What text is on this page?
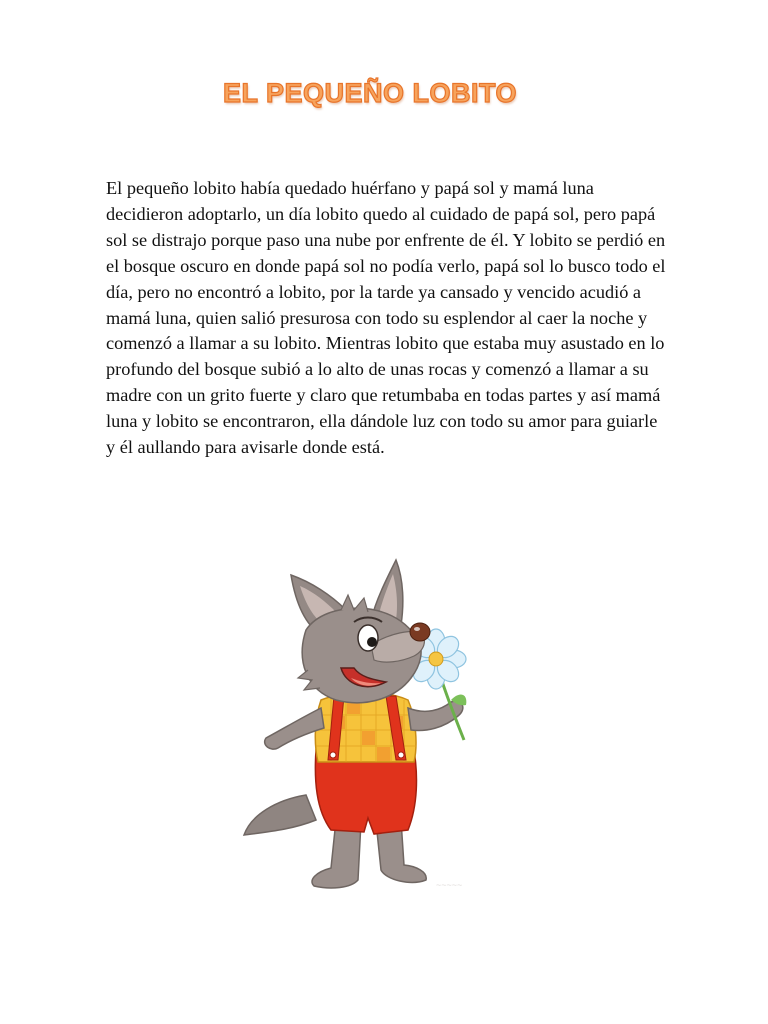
EL PEQUEÑO LOBITO

El pequeño lobito había quedado huérfano y papá sol y mamá luna decidieron adoptarlo, un día lobito quedo al cuidado de papá sol, pero papá sol se distrajo porque paso una nube por enfrente de él. Y lobito se perdió en el bosque oscuro en donde papá sol no podía verlo, papá sol lo busco todo el día, pero no encontró a lobito, por la tarde ya cansado y vencido acudió a mamá luna, quien salió presurosa con todo su esplendor al caer la noche y comenzó a llamar a su lobito. Mientras lobito que estaba muy asustado en lo profundo del bosque subió a lo alto de unas rocas y comenzó a llamar a su madre con un grito fuerte y claro que retumbaba en todas partes y así mamá luna y lobito se encontraron, ella dándole luz con todo su amor para guiarle y él aullando para avisarle donde está.

~~~~~
